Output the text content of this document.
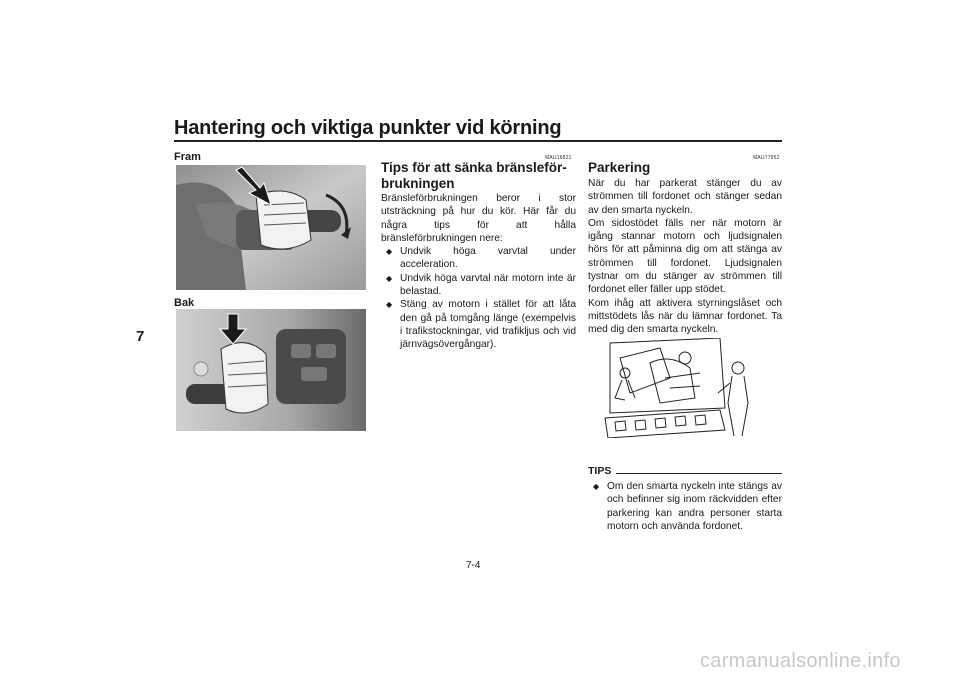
Hantering och viktiga punkter vid körning
7
Fram
Bak
MAU16821
Tips för att sänka bränsleför-
brukningen
Bränsleförbrukningen beror i stor utsträckning på hur du kör. Här får du några tips för att hålla bränsleförbrukningen nere:
◆ Undvik höga varvtal under acceleration.
◆ Undvik höga varvtal när motorn inte är belastad.
◆ Stäng av motorn i stället för att låta den gå på tomgång länge (exempelvis i trafikstockningar, vid trafikljus och vid järnvägsövergångar).
MAU77952
Parkering
När du har parkerat stänger du av strömmen till fordonet och stänger sedan av den smarta nyckeln.
Om sidostödet fälls ner när motorn är igång stannar motorn och ljudsignalen hörs för att påminna dig om att stänga av strömmen till fordonet. Ljudsignalen tystnar om du stänger av strömmen till fordonet eller fäller upp stödet.
Kom ihåg att aktivera styrningslåset och mittstödets lås när du lämnar fordonet. Ta med dig den smarta nyckeln.
TIPS
◆ Om den smarta nyckeln inte stängs av och befinner sig inom räckvidden efter parkering kan andra personer starta motorn och använda fordonet.
7-4
carmanualsonline.info
